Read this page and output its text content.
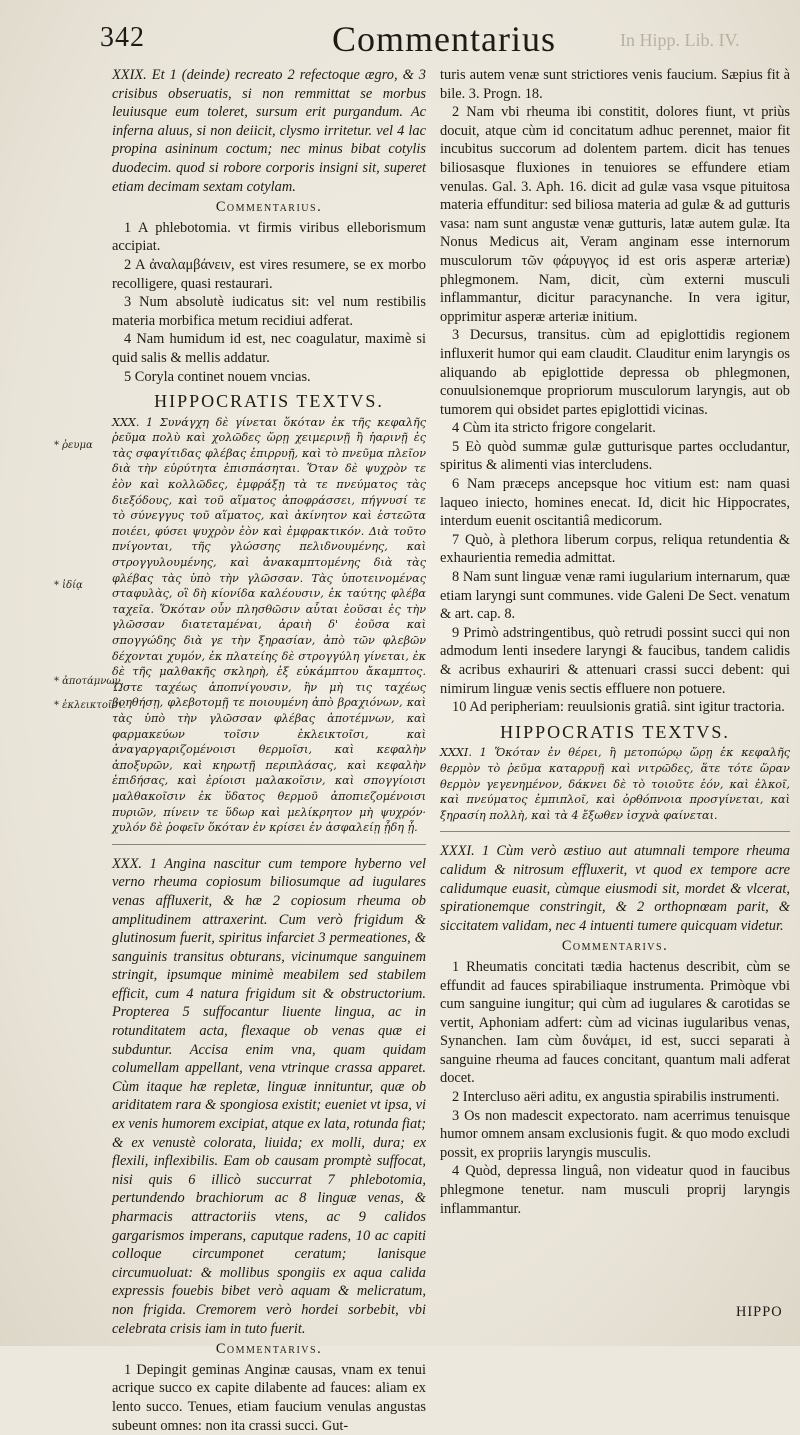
342	Commentarius	In Hipp. Lib. IV.

XXIX. Et 1 (deinde) recreato 2 refectoque ægro, & 3 crisibus obseruatis, si non remmittat se morbus leuiusque eum toleret, sursum erit purgandum. Ac inferna aluus, si non deiicit, clysmo irritetur. vel 4 lac propina asininum coctum; nec minus bibat cotylis duodecim. quod si robore corporis insigni sit, superet etiam decimam sextam cotylam.

Commentarius.

1 A phlebotomia. vt firmis viribus elleborismum accipiat.

2 A ἀναλαμβάνειν, est vires resumere, se ex morbo recolligere, quasi restaurari.

3 Num absolutè iudicatus sit: vel num restibilis materia morbifica metum recidiui adferat.

4 Nam humidum id est, nec coagulatur, maximè si quid salis & mellis addatur.

5 Corylа continet nouem vncias.

HIPPOCRATIS TEXTVS.

XXX. 1 Συνάγχη δὲ γίνεται ὅκόταν ἐκ τῆς κεφαλῆς ῥεῦμα πολὺ καὶ χολῶδες ὥρῃ χειμερινῇ ἢ ἠαρινῇ ἐς τὰς σφαγίτιδας φλέβας ἐπιρρυῇ, καὶ τὸ πνεῦμα πλεῖον διὰ τὴν εὐρύτητα ἐπισπάσηται. Ὅταν δὲ ψυχρὸν τε ἐὸν καὶ κολλῶδες, ἐμφράξῃ τὰ τε πνεύματος τὰς διεξόδους, καὶ τοῦ αἵματος ἀποφράσσει, πήγνυσί τε τὸ σύνεγγυς τοῦ αἵματος, καὶ ἀκίνητον καὶ ἑστεῶτα ποιέει, φύσει ψυχρὸν ἐὸν καὶ ἐμφρακτικόν. Διὰ τοῦτο πνίγονται, τῆς γλώσσης πελιδνουμένης, καὶ στρογγυλουμένης, καὶ ἀνακαμπτομένης διὰ τὰς φλέβας τὰς ὑπὸ τὴν γλῶσσαν. Τὰς ὑποτεινομένας σταφυλὰς, οἳ δὴ κίονίδα καλέουσιν, ἐκ ταύτης φλέβα ταχεῖα. Ὅκόταν οὖν πλησθῶσιν αὗται ἐοῦσαι ἐς τὴν γλῶσσαν διατεταμέναι, ἀραιὴ δ' ἐοῦσα καὶ σπογγώδης διὰ γε τὴν ξηρασίαν, ἀπὸ τῶν φλεβῶν δέχονται χυμόν, ἐκ πλατείης δὲ στρογγύλη γίνεται, ἐκ δὲ τῆς μαλθακῆς σκληρὴ, ἐξ εὐκάμπτου ἄκαμπτος. Ὥστε ταχέως ἀποπνίγουσιν, ἢν μὴ τις ταχέως βοηθήσῃ, φλεβοτομῇ τε ποιουμένη ἀπὸ βραχιόνων, καὶ τὰς ὑπὸ τὴν γλῶσσαν φλέβας ἀποτέμνων, καὶ φαρμακεύων τοῖσιν ἐκλεικτοῖσι, καὶ ἀναγαργαριζομένοισι θερμοῖσι, καὶ κεφαλὴν ἀποξυρῶν, καὶ κηρωτῇ περιπλάσας, καὶ κεφαλὴν ἐπιδήσας, καὶ ἐρίοισι μαλακοῖσιν, καὶ σπογγίοισι μαλθακοῖσιν ἐκ ὕδατος θερμοῦ ἀποπιεζομένοισι πυριῶν, πίνειν τε ὕδωρ καὶ μελίκρητον μὴ ψυχρόν· χυλόν δὲ ῥοφεῖν ὅκόταν ἐν κρίσει ἐν ἀσφαλείῃ ᾖδη ᾖ.

XXX. 1 Angina nascitur cum tempore hyberno vel verno rheuma copiosum biliosumque ad iugulares venas affluxerit, & hæ 2 copiosum rheuma ob amplitudinem attraxerint. Cum verò frigidum & glutinosum fuerit, spiritus infarciet 3 permeationes, & sanguinis transitus obturans, vicinumque sanguinem stringit, ipsumque minimè meabilem sed stabilem efficit, cum 4 natura frigidum sit & obstructorium. Propterea 5 suffocantur liuente lingua, ac in rotunditatem acta, flexaque ob venas quæ ei subduntur. Accisa enim vna, quam quidam columellam appellant, vena vtrinque crassa apparet. Cùm itaque hæ repletæ, linguæ innituntur, quæ ob ariditatem rara & spongiosa existit; eueniet vt ipsa, vi ex venis humorem excipiat, atque ex lata, rotunda fiat; & ex venustè colorata, liuida; ex molli, dura; ex flexili, inflexibilis. Eam ob causam promptè suffocat, nisi quis 6 illicò succurrat 7 phlebotomia, pertundendo brachiorum ac 8 linguæ venas, & pharmacis attractoriis vtens, ac 9 calidos gargarismos imperans, caputque radens, 10 ac capiti colloque circumponet ceratum; lanisque circumuoluat: & mollibus spongiis ex aqua calida expressis fouebis bibet verò aquam & melicratum, non frigida. Cremorem verò hordei sorbebit, vbi celebrata crisis iam in tuto fuerit.

Commentarivs.

1 Depingit geminas Anginæ causas, vnam ex tenui acrique succo ex capite dilabente ad fauces: aliam ex lento succo. Tenues, etiam faucium venulas angustas subeunt omnes: non ita crassi succi. Gut-

turis autem venæ sunt strictiores venis faucium. Sæpius fit à bile. 3. Progn. 18.

2 Nam vbi rheuma ibi constitit, dolores fiunt, vt priùs docuit, atque cùm id concitatum adhuc perennet, maior fit incubitus succorum ad dolentem partem. dicit has tenues biliosasque fluxiones in tenuiores se effundere etiam venulas. Gal. 3. Aph. 16. dicit ad gulæ vasa vsque pituitosa materia effunditur: sed biliosa materia ad gulæ & ad gutturis vasa: nam sunt angustæ venæ gutturis, latæ autem gulæ. Ita Nonus Medicus ait, Veram anginam esse internorum musculorum τῶν φάρυγγος id est oris asperæ arteriæ) phlegmonem. Nam, dicit, cùm externi musculi inflammantur, dicitur paracynanche. In vera igitur, opprimitur asperæ arteriæ initium.

3 Decursus, transitus. cùm ad epiglottidis regionem influxerit humor qui eam claudit. Clauditur enim laryngis os aliquando ab epiglottide depressa ob phlegmonen, conuulsionemque propriorum musculorum laryngis, aut ob tumorem qui obsidet partes epiglottidi vicinas.

4 Cùm ita stricto frigore congelarit.

5 Eò quòd summæ gulæ gutturisque partes occludantur, spiritus & alimenti vias intercludens.

6 Nam præceps ancepsque hoc vitium est: nam quasi laqueo iniecto, homines enecat. Id, dicit hic Hippocrates, interdum euenit oscitantiâ medicorum.

7 Quò, à plethora liberum corpus, reliqua retundentia & exhaurientia remedia admittat.

8 Nam sunt linguæ venæ rami iugularium internarum, quæ etiam laryngi sunt communes. vide Galeni De Sect. venatum & art. cap. 8.

9 Primò adstringentibus, quò retrudi possint succi qui non admodum lenti insedere laryngi & faucibus, tandem calidis & acribus exhauriri & attenuari crassi succi debent: qui nimirum linguæ venis sectis effluere non potuere.

10 Ad peripheriam: reuulsionis gratiâ. sint igitur tractoria.

HIPPOCRATIS TEXTVS.

XXXI. 1 Ὅκόταν ἐν θέρει, ἢ μετοπώρῳ ὥρῃ ἐκ κεφαλῆς θερμὸν τὸ ῥεῦμα καταρρυῇ καὶ νιτρῶδες, ἅτε τότε ὥραν θερμὸν γεγενημένον, δάκνει δὲ τὸ τοιοῦτε ἐόν, καὶ ἑλκοῖ, καὶ πνεύματος ἐμπιπλοῖ, καὶ ὀρθόπνοια προσγίνεται, καὶ ξηρασίη πολλὴ, καὶ τὰ 4 ἔξωθεν ἰσχνὰ φαίνεται.

XXXI. 1 Cùm verò æstiuo aut atumnali tempore rheuma calidum & nitrosum effluxerit, vt quod ex tempore acre calidumque euasit, cùmque eiusmodi sit, mordet & vlcerat, spirationemque constringit, & 2 orthopnœam parit, & siccitatem validam, nec 4 intuenti tumere quicquam videtur.

Commentarivs.

1 Rheumatis concitati tædia hactenus describit, cùm se effundit ad fauces spirabiliaque instrumenta. Primòque vbi cum sanguine iungitur; qui cùm ad iugulares & carotidas se vertit, Aphoniam adfert: cùm ad vicinas iugularibus venas, Synanchen. Iam cùm δυνάμει, id est, succi separati à sanguine rheuma ad fauces concitant, quantum mali adferat docet.

2 Interclusо aëri aditu, ex angustia spirabilis instrumenti.

3 Os non madescit expectorato. nam acerrimus tenuisque humor omnem ansam exclusionis fugit. & quo modo excludi possit, ex propriis laryngis musculis.

4 Quòd, depressa linguâ, non videatur quod in faucibus phlegmone tenetur. nam musculi proprij laryngis inflammantur.

* ῥευμα
* ἰδίᾳ
* ἀποτάμνων,
* ἐκλεικτοῖσι.
HIPPO
